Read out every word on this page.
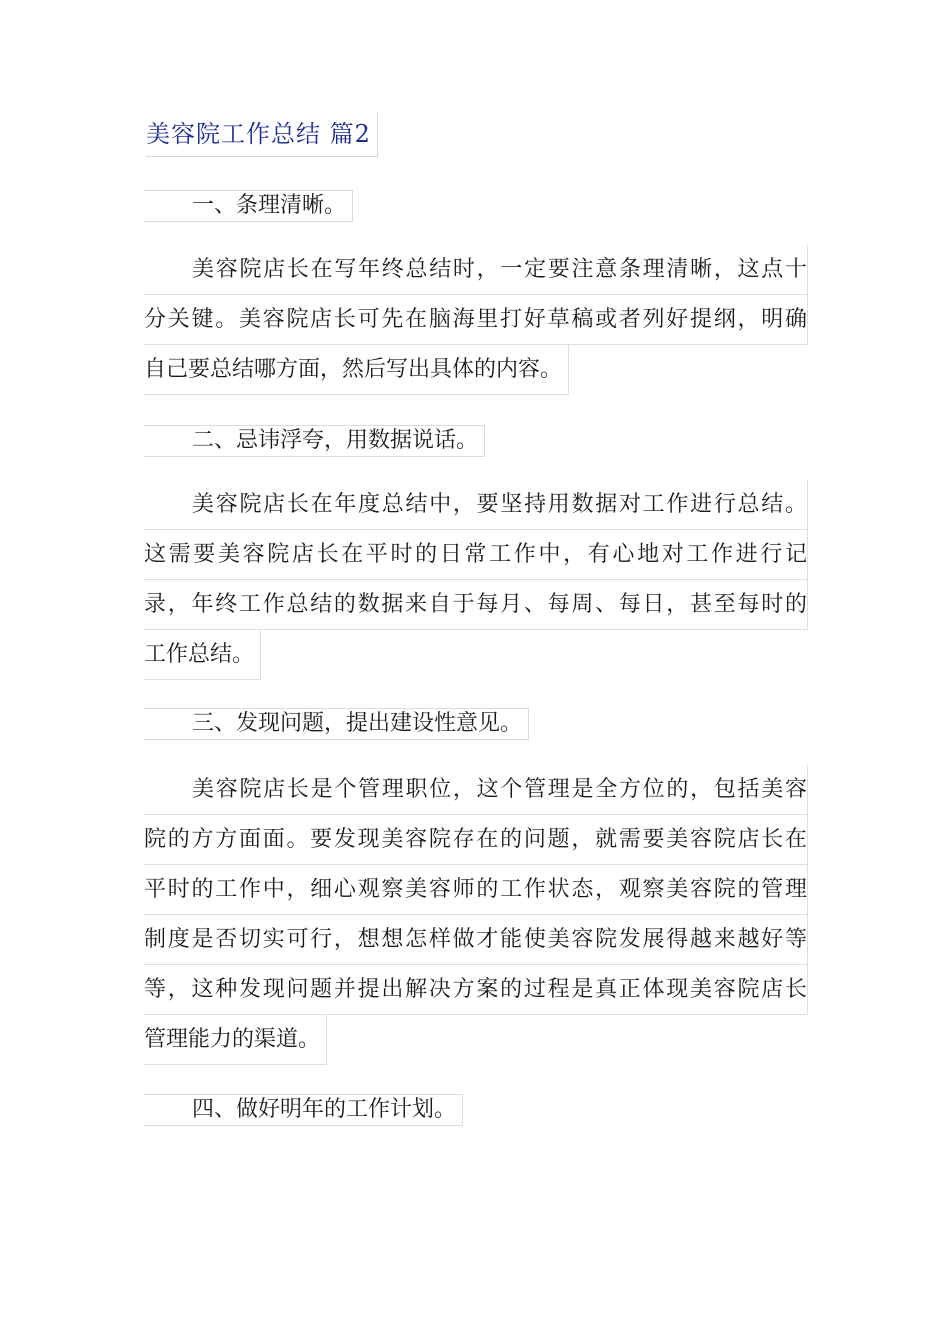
美容院工作总结 篇2
一、条理清晰。
美容院店长在写年终总结时，一定要注意条理清晰，这点十
分关键。美容院店长可先在脑海里打好草稿或者列好提纲，明确
自己要总结哪方面，然后写出具体的内容。
二、忌讳浮夸，用数据说话。
美容院店长在年度总结中，要坚持用数据对工作进行总结。
这需要美容院店长在平时的日常工作中，有心地对工作进行记
录，年终工作总结的数据来自于每月、每周、每日，甚至每时的
工作总结。
三、发现问题，提出建设性意见。
美容院店长是个管理职位，这个管理是全方位的，包括美容
院的方方面面。要发现美容院存在的问题，就需要美容院店长在
平时的工作中，细心观察美容师的工作状态，观察美容院的管理
制度是否切实可行，想想怎样做才能使美容院发展得越来越好等
等，这种发现问题并提出解决方案的过程是真正体现美容院店长
管理能力的渠道。
四、做好明年的工作计划。
